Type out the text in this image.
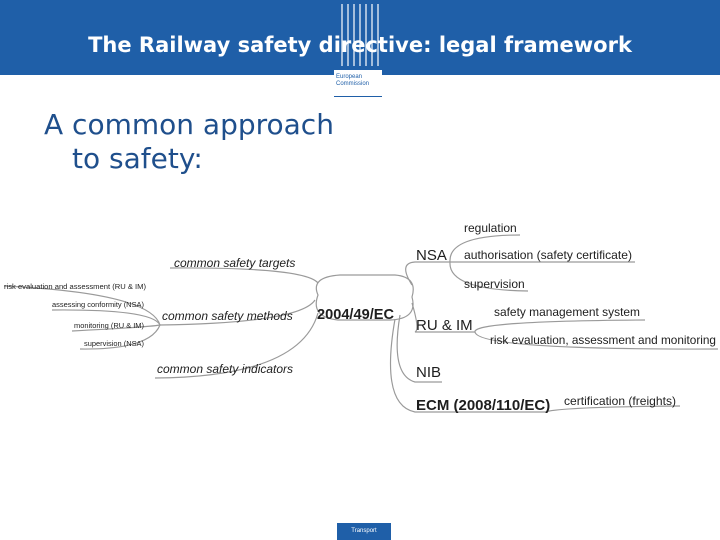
The Railway safety directive: legal framework
European
Commission
A common approach
to safety:
2004/49/EC
common safety targets
common safety methods
common safety indicators
risk evaluation and assessment (RU & IM)
assessing conformity (NSA)
monitoring (RU & IM)
supervision (NSA)
NSA
RU & IM
NIB
ECM (2008/110/EC)
regulation
authorisation (safety certificate)
supervision
safety management system
risk evaluation, assessment and monitoring
certification (freights)
Transport
